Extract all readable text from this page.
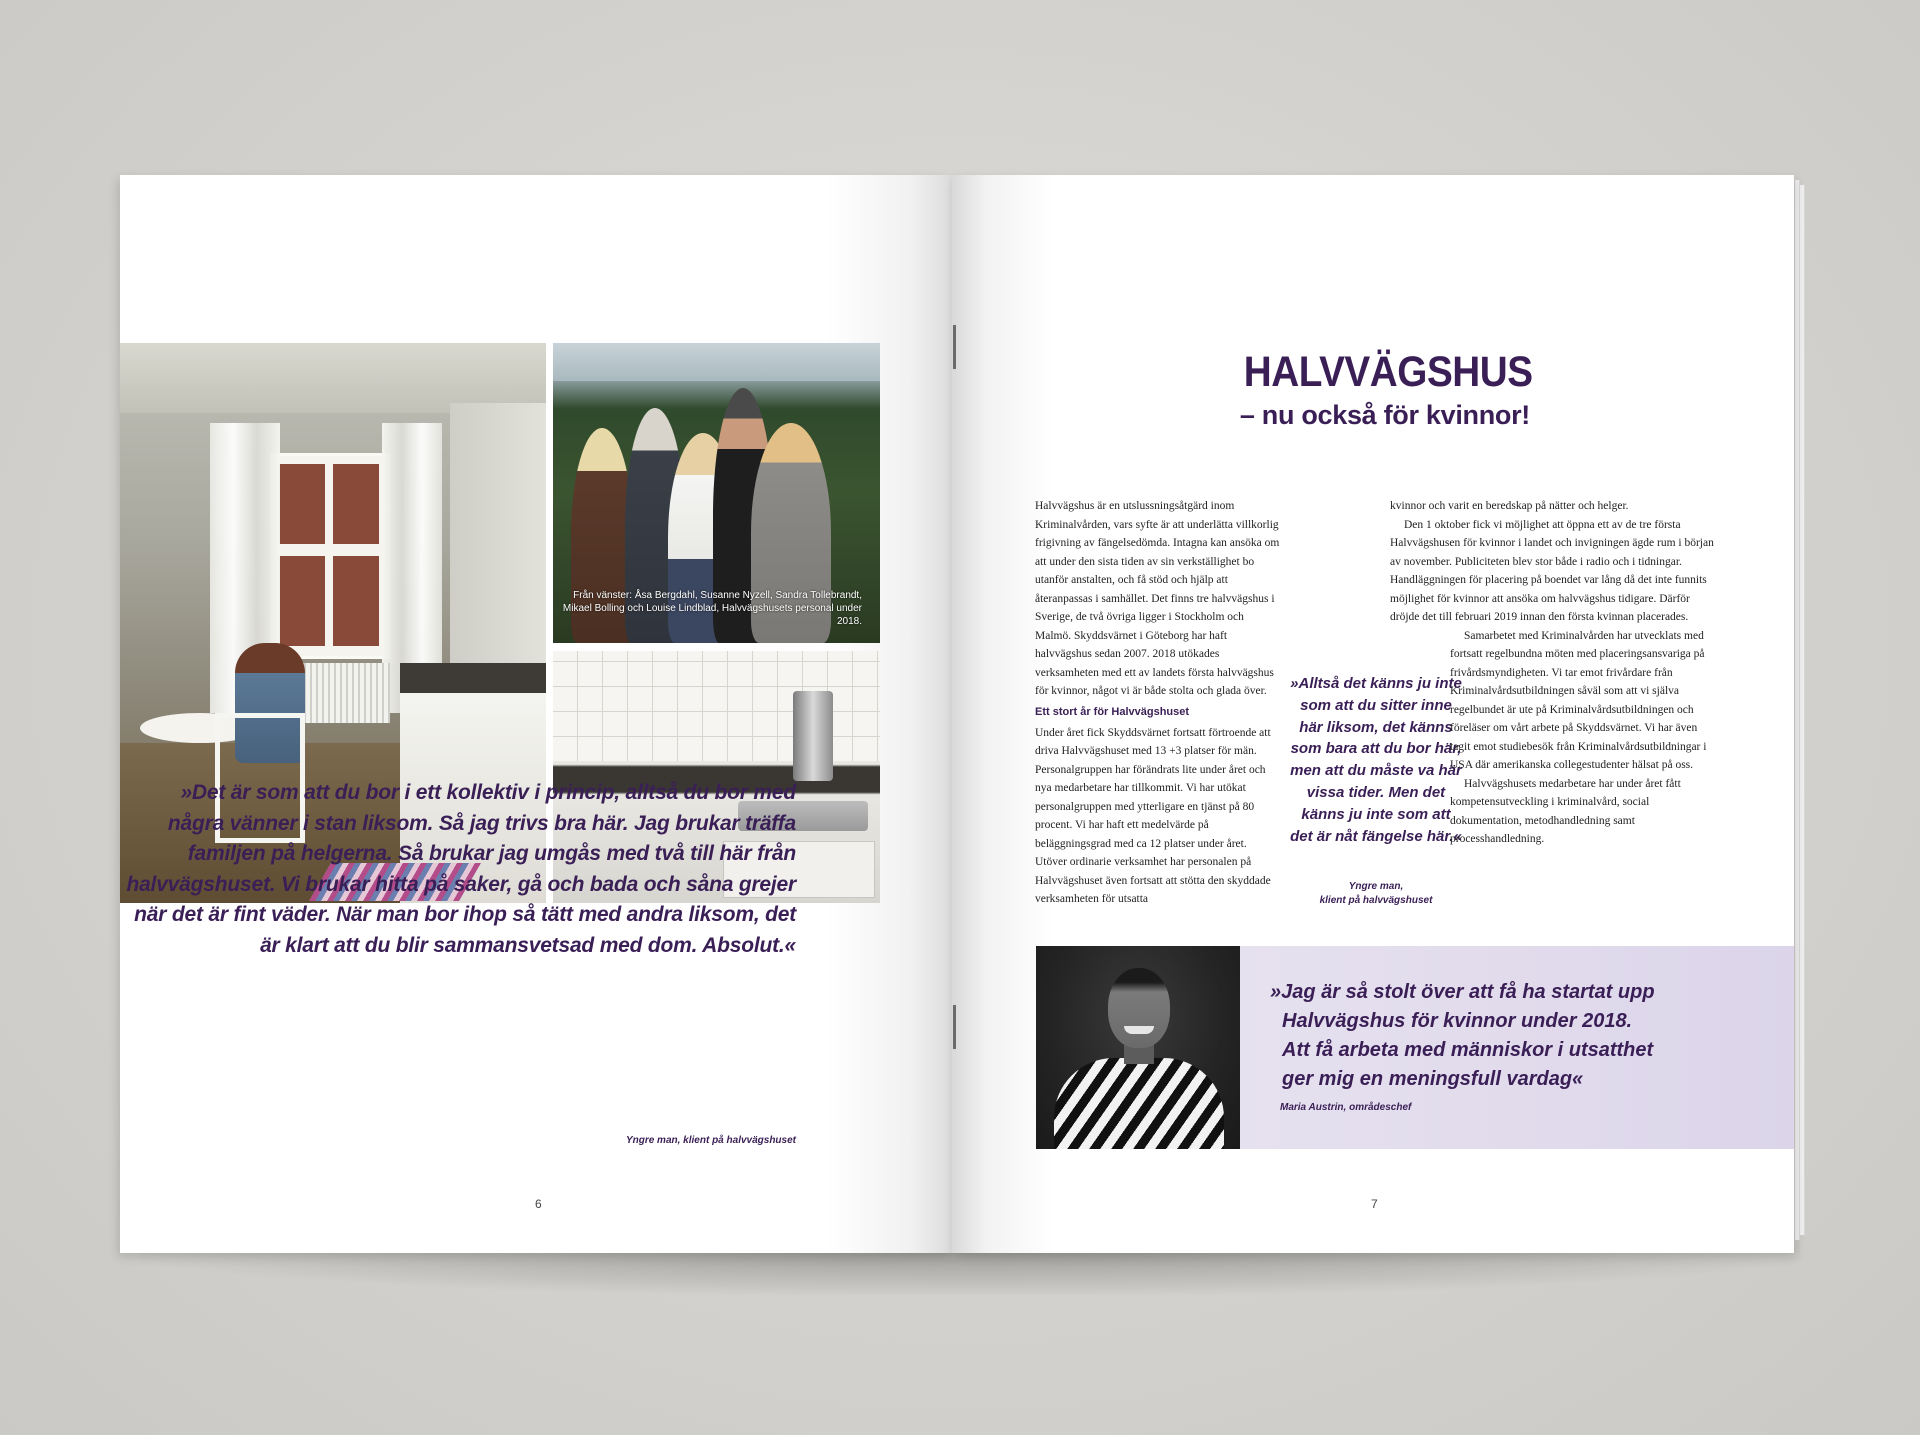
Från vänster: Åsa Bergdahl, Susanne Nyzell, Sandra Tollebrandt, Mikael Bolling och Louise Lindblad, Halvvägshusets personal under 2018.
»Det är som att du bor i ett kollektiv i princip, alltså du bor med några vänner i stan liksom. Så jag trivs bra här. Jag brukar träffa familjen på helgerna. Så brukar jag umgås med två till här från halvvägshuset. Vi brukar hitta på saker, gå och bada och såna grejer när det är fint väder. När man bor ihop så tätt med andra liksom, det är klart att du blir sammansvetsad med dom. Absolut.«
Yngre man, klient på halvvägshuset
6
HALVVÄGSHUS
– nu också för kvinnor!
Halvvägshus är en utslussningsåtgärd inom Kriminalvården, vars syfte är att underlätta villkorlig frigivning av fängelsedömda. Intagna kan ansöka om att under den sista tiden av sin verkställighet bo utanför anstalten, och få stöd och hjälp att återanpassas i samhället. Det finns tre halvvägshus i Sverige, de två övriga ligger i Stockholm och Malmö. Skyddsvärnet i Göteborg har haft halvvägshus sedan 2007. 2018 utökades verksamheten med ett av landets första halvvägshus för kvinnor, något vi är både stolta och glada över.
Ett stort år för Halvvägshuset
Under året fick Skyddsvärnet fortsatt förtroende att driva Halvvägshuset med 13 +3 platser för män. Personalgruppen har förändrats lite under året och nya medarbetare har tillkommit. Vi har utökat personalgruppen med ytterligare en tjänst på 80 procent. Vi har haft ett medelvärde på beläggningsgrad med ca 12 platser under året. Utöver ordinarie verksamhet har personalen på Halvvägshuset även fortsatt att stötta den skyddade verksamheten för utsatta
»Alltså det känns ju inte som att du sitter inne här liksom, det känns som bara att du bor här, men att du måste va här vissa tider. Men det känns ju inte som att det är nåt fängelse här.«
Yngre man,
klient på halvvägshuset

kvinnor och varit en beredskap på nätter och helger.

Den 1 oktober fick vi möjlighet att öppna ett av de tre första Halvvägshusen för kvinnor i landet och invigningen ägde rum i början av november. Publiciteten blev stor både i radio och i tidningar. Handläggningen för placering på boendet var lång då det inte funnits möjlighet för kvinnor att ansöka om halvvägshus tidigare. Därför dröjde det till februari 2019 innan den första kvinnan placerades.

Samarbetet med Kriminalvården har utvecklats med fortsatt regelbundna möten med placeringsansvariga på frivårdsmyndigheten. Vi tar emot frivårdare från Kriminalvårdsutbildningen såväl som att vi själva regelbundet är ute på Kriminalvårdsutbildningen och föreläser om vårt arbete på Skyddsvärnet. Vi har även tagit emot studiebesök från Kriminalvårdsutbildningar i USA där amerikanska collegestudenter hälsat på oss.

Halvvägshusets medarbetare har under året fått kompetensutveckling i kriminalvård, social dokumentation, metodhandledning samt processhandledning.

»Jag är så stolt över att få ha startat upp
Halvvägshus för kvinnor under 2018.
Att få arbeta med människor i utsatthet
ger mig en meningsfull vardag«
Maria Austrin, områdeschef
7
